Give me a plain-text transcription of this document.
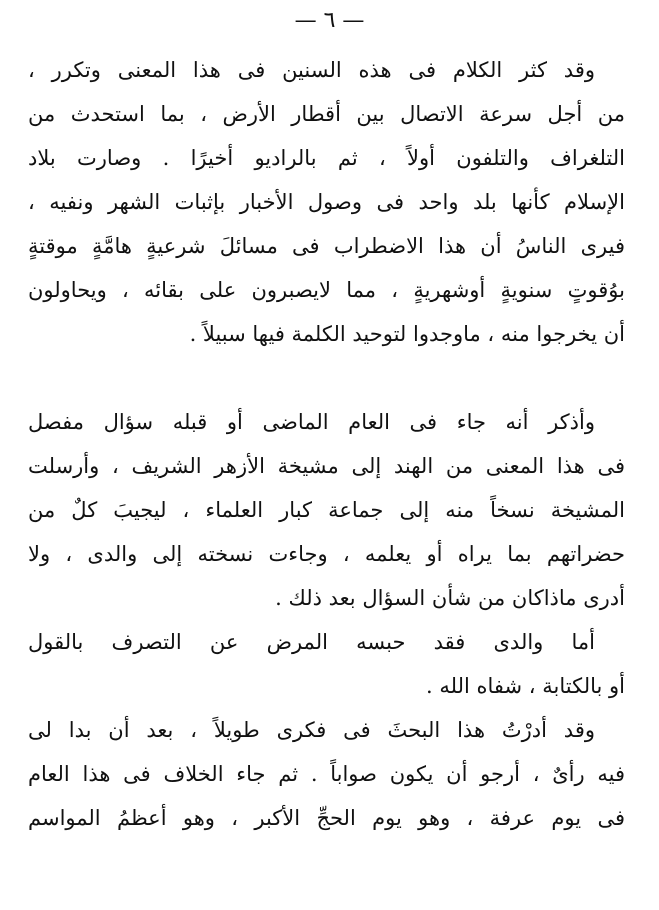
— ٦ —
وقد كثر الكلام فى هذه السنين فى هذا المعنى وتكرر ،
من أجل سرعة الاتصال بين أقطار الأرض ، بما استحدث من
التلغراف والتلفون أولاً ، ثم بالراديو أخيرًا . وصارت بلاد
الإسلام كأنها بلد واحد فى وصول الأخبار بإثبات الشهر ونفيه ،
فيرى الناسُ أن هذا الاضطراب فى مسائلَ شرعيةٍ هامَّةٍ موقتةٍ
بوُقوتٍ سنويةٍ أوشهريةٍ ، مما لايصبرون على بقائه ، ويحاولون
أن يخرجوا منه ، ماوجدوا لتوحيد الكلمة فيها سبيلاً .
وأذكر أنه جاء فى العام الماضى أو قبله سؤال مفصل
فى هذا المعنى من الهند إلى مشيخة الأزهر الشريف ، وأرسلت
المشيخة نسخاً منه إلى جماعة كبار العلماء ، ليجيبَ كلٌ من
حضراتهم بما يراه أو يعلمه ، وجاءت نسخته إلى والدى ، ولا
أدرى ماذاكان من شأن السؤال بعد ذلك .
أما والدى فقد حبسه المرض عن التصرف بالقول
أو بالكتابة ، شفاه الله .
وقد أدرْتُ هذا البحثَ فى فكرى طويلاً ، بعد أن بدا لى
فيه رأىٌ ، أرجو أن يكون صواباً . ثم جاء الخلاف فى هذا العام
فى يوم عرفة ، وهو يوم الحجِّ الأكبر ، وهو أعظمُ المواسم
